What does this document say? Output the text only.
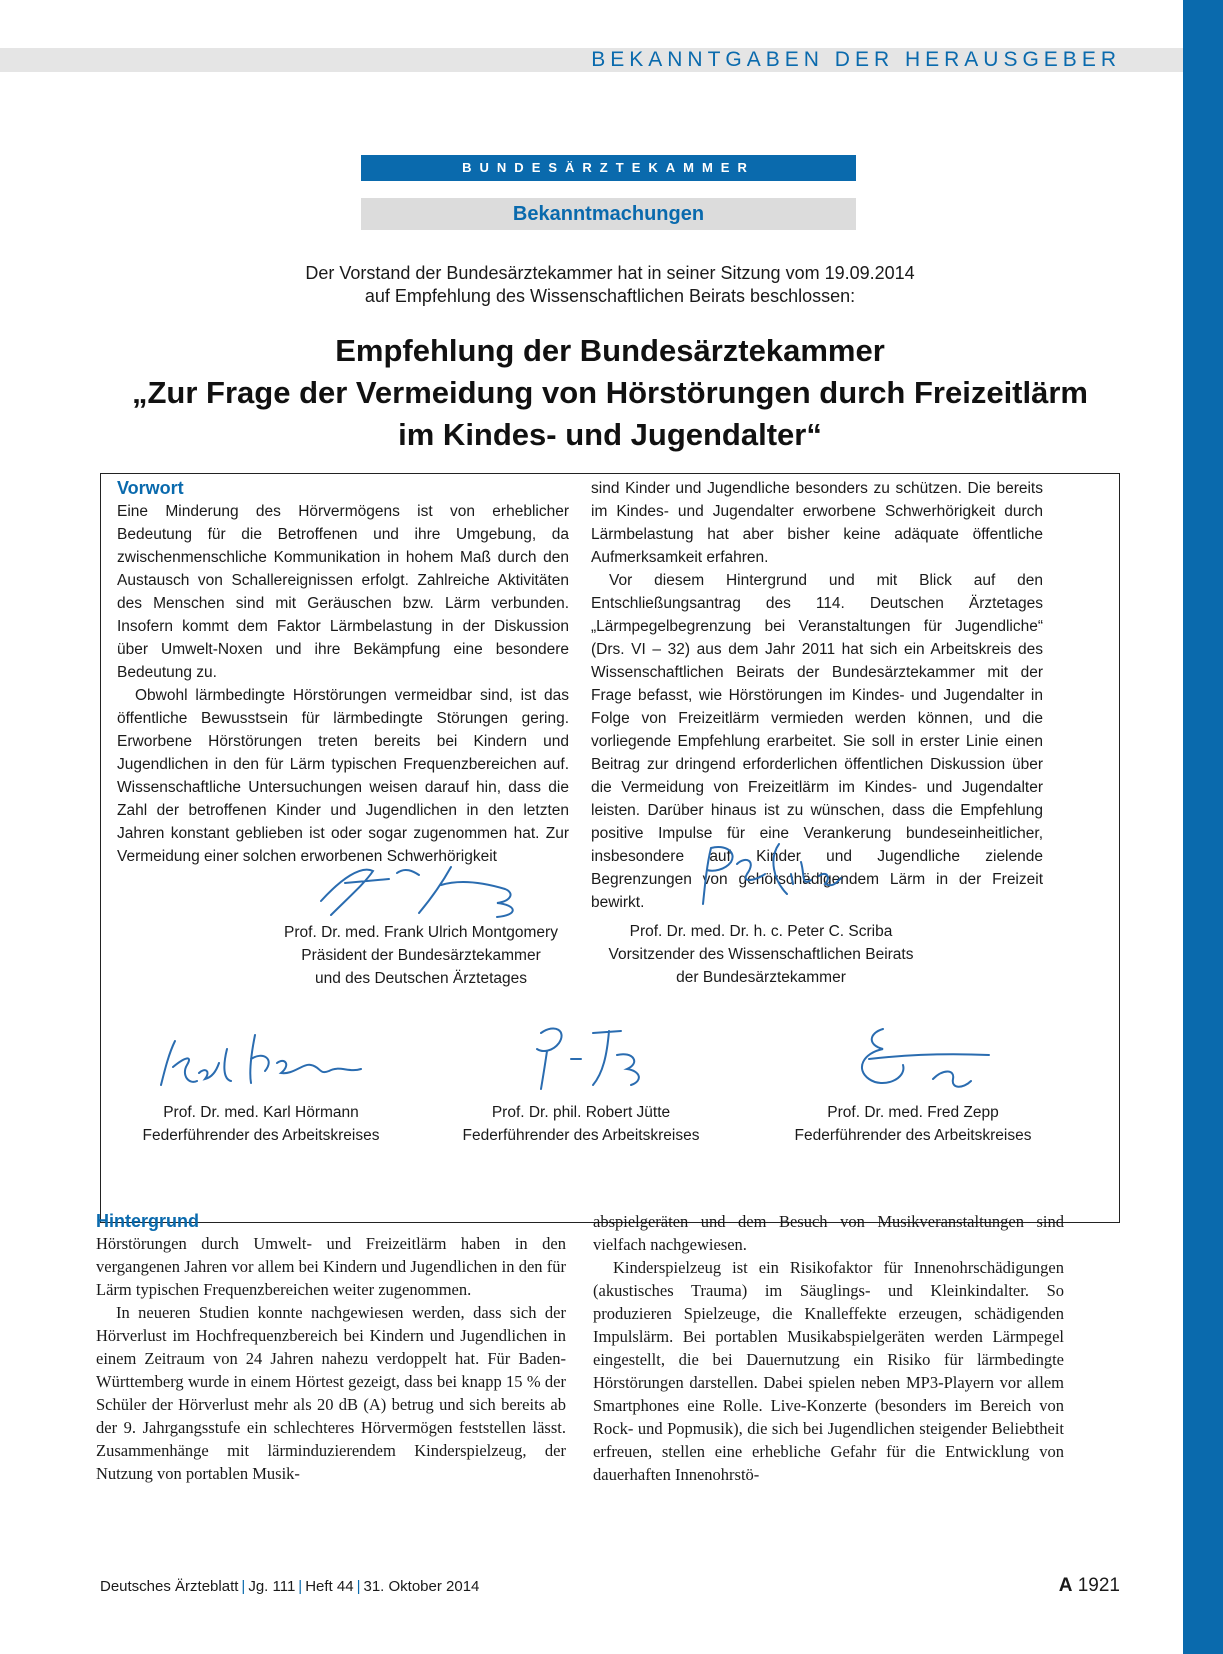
BEKANNTGABEN DER HERAUSGEBER
BUNDESÄRZTEKAMMER
Bekanntmachungen
Der Vorstand der Bundesärztekammer hat in seiner Sitzung vom 19.09.2014
auf Empfehlung des Wissenschaftlichen Beirats beschlossen:
Empfehlung der Bundesärztekammer
„Zur Frage der Vermeidung von Hörstörungen durch Freizeitlärm
im Kindes- und Jugendalter“
Vorwort

Eine Minderung des Hörvermögens ist von erheblicher Bedeutung für die Betroffenen und ihre Umgebung, da zwischenmenschliche Kommunikation in hohem Maß durch den Austausch von Schallereignissen erfolgt. Zahlreiche Aktivitäten des Menschen sind mit Geräuschen bzw. Lärm verbunden. Insofern kommt dem Faktor Lärmbelastung in der Diskussion über Umwelt-Noxen und ihre Bekämpfung eine besondere Bedeutung zu.

Obwohl lärmbedingte Hörstörungen vermeidbar sind, ist das öffentliche Bewusstsein für lärmbedingte Störungen gering. Erworbene Hörstörungen treten bereits bei Kindern und Jugendlichen in den für Lärm typischen Frequenzbereichen auf. Wissenschaftliche Untersuchungen weisen darauf hin, dass die Zahl der betroffenen Kinder und Jugendlichen in den letzten Jahren konstant geblieben ist oder sogar zugenommen hat. Zur Vermeidung einer solchen erworbenen Schwerhörigkeit

sind Kinder und Jugendliche besonders zu schützen. Die bereits im Kindes- und Jugendalter erworbene Schwerhörigkeit durch Lärmbelastung hat aber bisher keine adäquate öffentliche Aufmerksamkeit erfahren.

Vor diesem Hintergrund und mit Blick auf den Entschließungsantrag des 114. Deutschen Ärztetages „Lärmpegelbegrenzung bei Veranstaltungen für Jugendliche“ (Drs. VI – 32) aus dem Jahr 2011 hat sich ein Arbeitskreis des Wissenschaftlichen Beirats der Bundesärztekammer mit der Frage befasst, wie Hörstörungen im Kindes- und Jugendalter in Folge von Freizeitlärm vermieden werden können, und die vorliegende Empfehlung erarbeitet. Sie soll in erster Linie einen Beitrag zur dringend erforderlichen öffentlichen Diskussion über die Vermeidung von Freizeitlärm im Kindes- und Jugendalter leisten. Darüber hinaus ist zu wünschen, dass die Empfehlung positive Impulse für eine Verankerung bundeseinheitlicher, insbesondere auf Kinder und Jugendliche zielende Begrenzungen von gehörschädigendem Lärm in der Freizeit bewirkt.

Prof. Dr. med. Frank Ulrich Montgomery
Präsident der Bundesärztekammer
und des Deutschen Ärztetages
Prof. Dr. med. Dr. h. c. Peter C. Scriba
Vorsitzender des Wissenschaftlichen Beirats
der Bundesärztekammer
Prof. Dr. med. Karl Hörmann
Federführender des Arbeitskreises
Prof. Dr. phil. Robert Jütte
Federführender des Arbeitskreises
Prof. Dr. med. Fred Zepp
Federführender des Arbeitskreises
Hintergrund

Hörstörungen durch Umwelt- und Freizeitlärm haben in den vergangenen Jahren vor allem bei Kindern und Jugendlichen in den für Lärm typischen Frequenzbereichen weiter zugenommen.

In neueren Studien konnte nachgewiesen werden, dass sich der Hörverlust im Hochfrequenzbereich bei Kindern und Jugendlichen in einem Zeitraum von 24 Jahren nahezu verdoppelt hat. Für Baden-Württemberg wurde in einem Hörtest gezeigt, dass bei knapp 15 % der Schüler der Hörverlust mehr als 20 dB (A) betrug und sich bereits ab der 9. Jahrgangsstufe ein schlechteres Hörvermögen feststellen lässt. Zusammenhänge mit lärminduzierendem Kinderspielzeug, der Nutzung von portablen Musik-

abspielgeräten und dem Besuch von Musikveranstaltungen sind vielfach nachgewiesen.

Kinderspielzeug ist ein Risikofaktor für Innenohrschädigungen (akustisches Trauma) im Säuglings- und Kleinkindalter. So produzieren Spielzeuge, die Knalleffekte erzeugen, schädigenden Impulslärm. Bei portablen Musikabspielgeräten werden Lärmpegel eingestellt, die bei Dauernutzung ein Risiko für lärmbedingte Hörstörungen darstellen. Dabei spielen neben MP3-Playern vor allem Smartphones eine Rolle. Live-Konzerte (besonders im Bereich von Rock- und Popmusik), die sich bei Jugendlichen steigender Beliebtheit erfreuen, stellen eine erhebliche Gefahr für die Entwicklung von dauerhaften Innenohrstö-

Deutsches Ärzteblatt | Jg. 111 | Heft 44 | 31. Oktober 2014	A 1921
